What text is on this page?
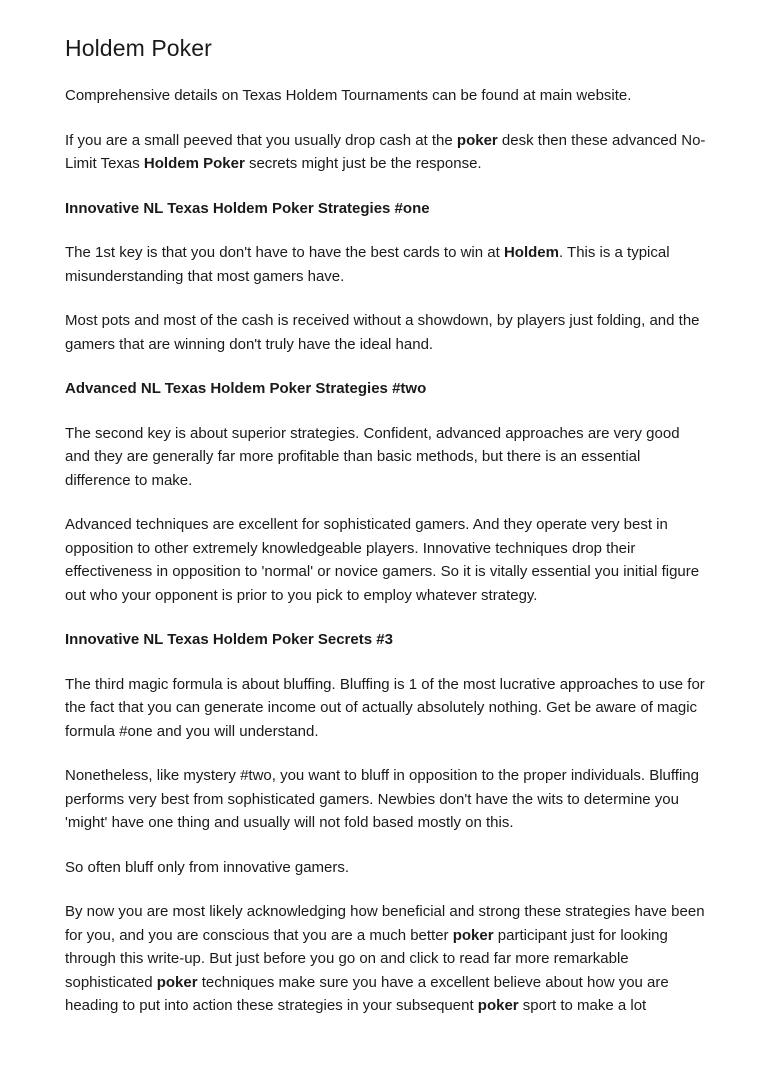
Holdem Poker

Comprehensive details on Texas Holdem Tournaments can be found at main website.

If you are a small peeved that you usually drop cash at the poker desk then these advanced No-Limit Texas Holdem Poker secrets might just be the response.

Innovative NL Texas Holdem Poker Strategies #one

The 1st key is that you don't have to have the best cards to win at Holdem. This is a typical misunderstanding that most gamers have.

Most pots and most of the cash is received without a showdown, by players just folding, and the gamers that are winning don't truly have the ideal hand.

Advanced NL Texas Holdem Poker Strategies #two

The second key is about superior strategies. Confident, advanced approaches are very good and they are generally far more profitable than basic methods, but there is an essential difference to make.

Advanced techniques are excellent for sophisticated gamers. And they operate very best in opposition to other extremely knowledgeable players. Innovative techniques drop their effectiveness in opposition to 'normal' or novice gamers. So it is vitally essential you initial figure out who your opponent is prior to you pick to employ whatever strategy.

Innovative NL Texas Holdem Poker Secrets #3

The third magic formula is about bluffing. Bluffing is 1 of the most lucrative approaches to use for the fact that you can generate income out of actually absolutely nothing. Get be aware of magic formula #one and you will understand.

Nonetheless, like mystery #two, you want to bluff in opposition to the proper individuals. Bluffing performs very best from sophisticated gamers. Newbies don't have the wits to determine you 'might' have one thing and usually will not fold based mostly on this.

So often bluff only from innovative gamers.

By now you are most likely acknowledging how beneficial and strong these strategies have been for you, and you are conscious that you are a much better poker participant just for looking through this write-up. But just before you go on and click to read far more remarkable sophisticated poker techniques make sure you have a excellent believe about how you are heading to put into action these strategies in your subsequent poker sport to make a lot
